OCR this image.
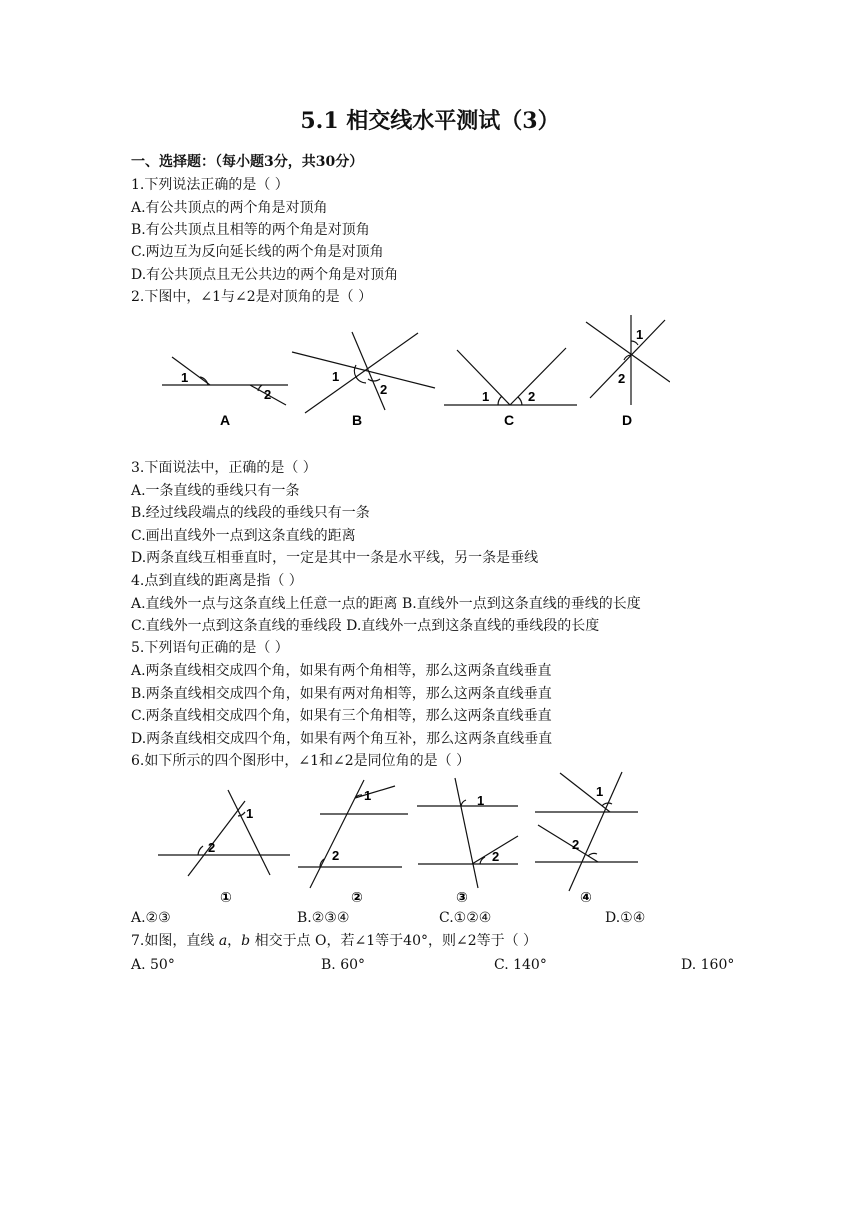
5.1 相交线水平测试（3）
一、选择题：（每小题3分，共30分）
1.下列说法正确的是（ ）
A.有公共顶点的两个角是对顶角
B.有公共顶点且相等的两个角是对顶角
C.两边互为反向延长线的两个角是对顶角
D.有公共顶点且无公共边的两个角是对顶角
2.下图中，∠1与∠2是对顶角的是（ ）
1
2
A
1
2
B
1	2
C
1
2
D
3.下面说法中，正确的是（ ）
A.一条直线的垂线只有一条
B.经过线段端点的线段的垂线只有一条
C.画出直线外一点到这条直线的距离
D.两条直线互相垂直时，一定是其中一条是水平线，另一条是垂线
4.点到直线的距离是指（ ）
A.直线外一点与这条直线上任意一点的距离 B.直线外一点到这条直线的垂线的长度
C.直线外一点到这条直线的垂线段 D.直线外一点到这条直线的垂线段的长度
5.下列语句正确的是（ ）
A.两条直线相交成四个角，如果有两个角相等，那么这两条直线垂直
B.两条直线相交成四个角，如果有两对角相等，那么这两条直线垂直
C.两条直线相交成四个角，如果有三个角相等，那么这两条直线垂直
D.两条直线相交成四个角，如果有两个角互补，那么这两条直线垂直
6.如下所示的四个图形中，∠1和∠2是同位角的是（ ）
1
2
①
1
2
②
1
2
③
1
2
④
A.②③	B.②③④	C.①②④	D.①④
7.如图，直线 a，b 相交于点 O，若∠1等于40°，则∠2等于（ ）
A. 50°	B. 60°	C. 140°	D. 160°
